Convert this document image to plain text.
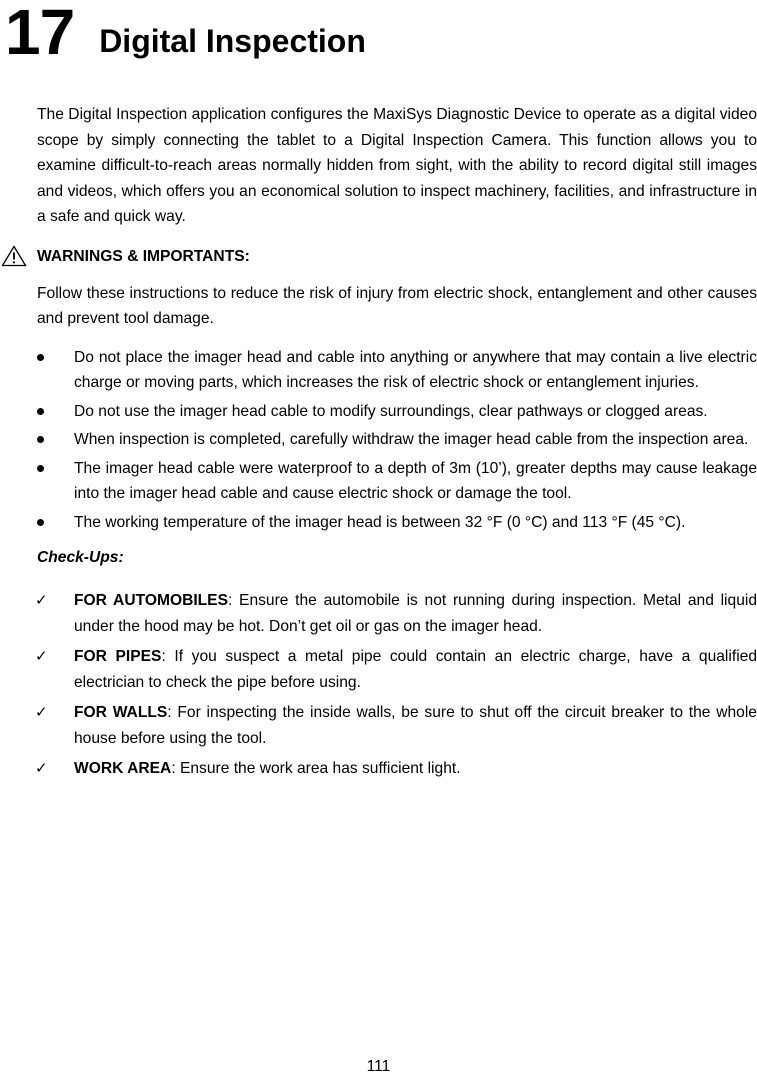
17 Digital Inspection

The Digital Inspection application configures the MaxiSys Diagnostic Device to operate as a digital video scope by simply connecting the tablet to a Digital Inspection Camera. This function allows you to examine difficult-to-reach areas normally hidden from sight, with the ability to record digital still images and videos, which offers you an economical solution to inspect machinery, facilities, and infrastructure in a safe and quick way.

WARNINGS & IMPORTANTS:

Follow these instructions to reduce the risk of injury from electric shock, entanglement and other causes and prevent tool damage.

Do not place the imager head and cable into anything or anywhere that may contain a live electric charge or moving parts, which increases the risk of electric shock or entanglement injuries.
Do not use the imager head cable to modify surroundings, clear pathways or clogged areas.
When inspection is completed, carefully withdraw the imager head cable from the inspection area.
The imager head cable were waterproof to a depth of 3m (10’), greater depths may cause leakage into the imager head cable and cause electric shock or damage the tool.
The working temperature of the imager head is between 32 °F (0 °C) and 113 °F (45 °C).
Check-Ups:
✓ FOR AUTOMOBILES: Ensure the automobile is not running during inspection. Metal and liquid under the hood may be hot. Don’t get oil or gas on the imager head.
✓ FOR PIPES: If you suspect a metal pipe could contain an electric charge, have a qualified electrician to check the pipe before using.
✓ FOR WALLS: For inspecting the inside walls, be sure to shut off the circuit breaker to the whole house before using the tool.
✓ WORK AREA: Ensure the work area has sufficient light.
111
